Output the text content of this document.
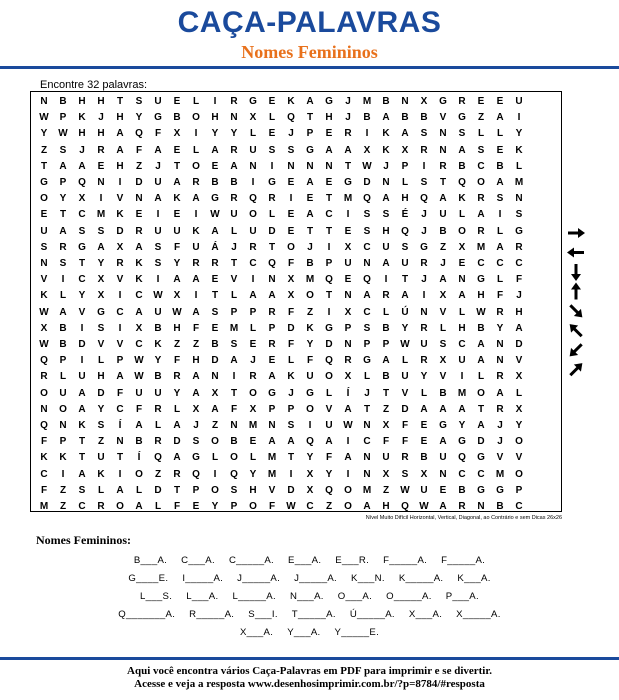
CAÇA-PALAVRAS
Nomes Femininos
Encontre 32 palavras:
N	B	H	H	T	S	U	E	L	I	R	G	E	K	A	G	J	M	B	N	X	G	R	E	E	U
W	P	K	J	H	Y	G	B	O	H	N	X	L	Q	T	H	J	B	A	B	B	V	G	Z	A	I
Y	W	H	H	A	Q	F	X	I	Y	Y	L	E	J	P	E	R	I	K	A	S	N	S	L	L	Y
Z	S	J	R	A	F	A	E	L	A	R	U	S	S	G	A	A	X	K	X	R	N	A	S	E	K
T	A	A	E	H	Z	J	T	O	E	A	N	I	N	N	N	T	W	J	P	I	R	B	C	B	L
G	P	Q	N	I	D	U	A	R	B	B	I	G	E	A	E	G	D	N	L	S	T	Q	O	A	M
O	Y	X	I	V	N	A	K	A	G	R	Q	R	I	E	T	M	Q	A	H	Q	A	K	R	S	N
E	T	C	M	K	E	I	E	I	W	U	O	L	E	A	C	I	S	S	É	J	U	L	A	I	S
U	A	S	S	D	R	U	U	K	A	L	U	D	E	T	T	E	S	H	Q	J	B	O	R	L	G
S	R	G	A	X	A	S	F	U	Á	J	R	T	O	J	I	X	C	U	S	G	Z	X	M	A	R
N	S	T	Y	R	K	S	Y	R	R	T	C	Q	F	B	P	U	N	A	U	R	J	E	C	C	C
V	I	C	X	V	K	I	A	A	E	V	I	N	X	M	Q	E	Q	I	T	J	A	N	G	L	F
K	L	Y	X	I	C	W	X	I	T	L	A	A	X	O	T	N	A	R	A	I	X	A	H	F	J
W	A	V	G	C	A	U	W	A	S	P	P	R	F	Z	I	X	C	L	Ú	N	V	L	W	R	H
X	B	I	S	I	X	B	H	F	E	M	L	P	D	K	G	P	S	B	Y	R	L	H	B	Y	A
W	B	D	V	V	C	K	Z	Z	B	S	E	R	F	Y	D	N	P	P	W	U	S	C	A	N	D
Q	P	I	L	P	W	Y	F	H	D	A	J	E	L	F	Q	R	G	A	L	R	X	U	A	N	V
R	L	U	H	A	W	B	R	A	N	I	R	A	K	U	O	X	L	B	U	Y	V	I	L	R	X
O	U	A	D	F	U	U	Y	A	X	T	O	G	J	G	L	Í	J	T	V	L	B	M	O	A	L
N	O	A	Y	C	F	R	L	X	A	F	X	P	P	O	V	A	T	Z	D	A	A	A	T	R	X
Q	N	K	S	Í	A	L	A	J	Z	N	M	N	S	I	U	W	N	X	F	E	G	Y	A	J	Y
F	P	T	Z	N	B	R	D	S	O	B	E	A	A	Q	A	I	C	F	F	E	A	G	D	J	O
K	K	T	U	T	Í	Q	A	G	L	O	L	M	T	Y	F	A	N	U	R	B	U	Q	G	V	V
C	I	A	K	I	O	Z	R	Q	I	Q	Y	M	I	X	Y	I	N	X	S	X	N	C	C	M	O
F	Z	S	L	A	L	D	T	P	O	S	H	V	D	X	Q	O	M	Z	W	U	E	B	G	G	P
M	Z	C	R	O	A	L	F	E	Y	P	O	F	W	C	Z	O	A	H	Q	W	A	R	N	B	C
Nível Muito Difícil Horizontal, Vertical, Diagonal, ao Contrário e sem Dicas 26x26
Nomes Femininos:
B___A. C___A. C_____A. E___A. E___R. F_____A. F_____A.
G____E. I_____A. J_____A. J_____A. K___N. K_____A. K___A.
L___S. L___A. L_____A. N___A. O___A. O_____A. P___A.
Q_______A. R_____A. S___I. T_____A. Ú_____A. X___A. X_____A.
X___A. Y___A. Y_____E.
Aqui você encontra vários Caça-Palavras em PDF para imprimir e se divertir.
Acesse e veja a resposta www.desenhosimprimir.com.br/?p=8784/#resposta
